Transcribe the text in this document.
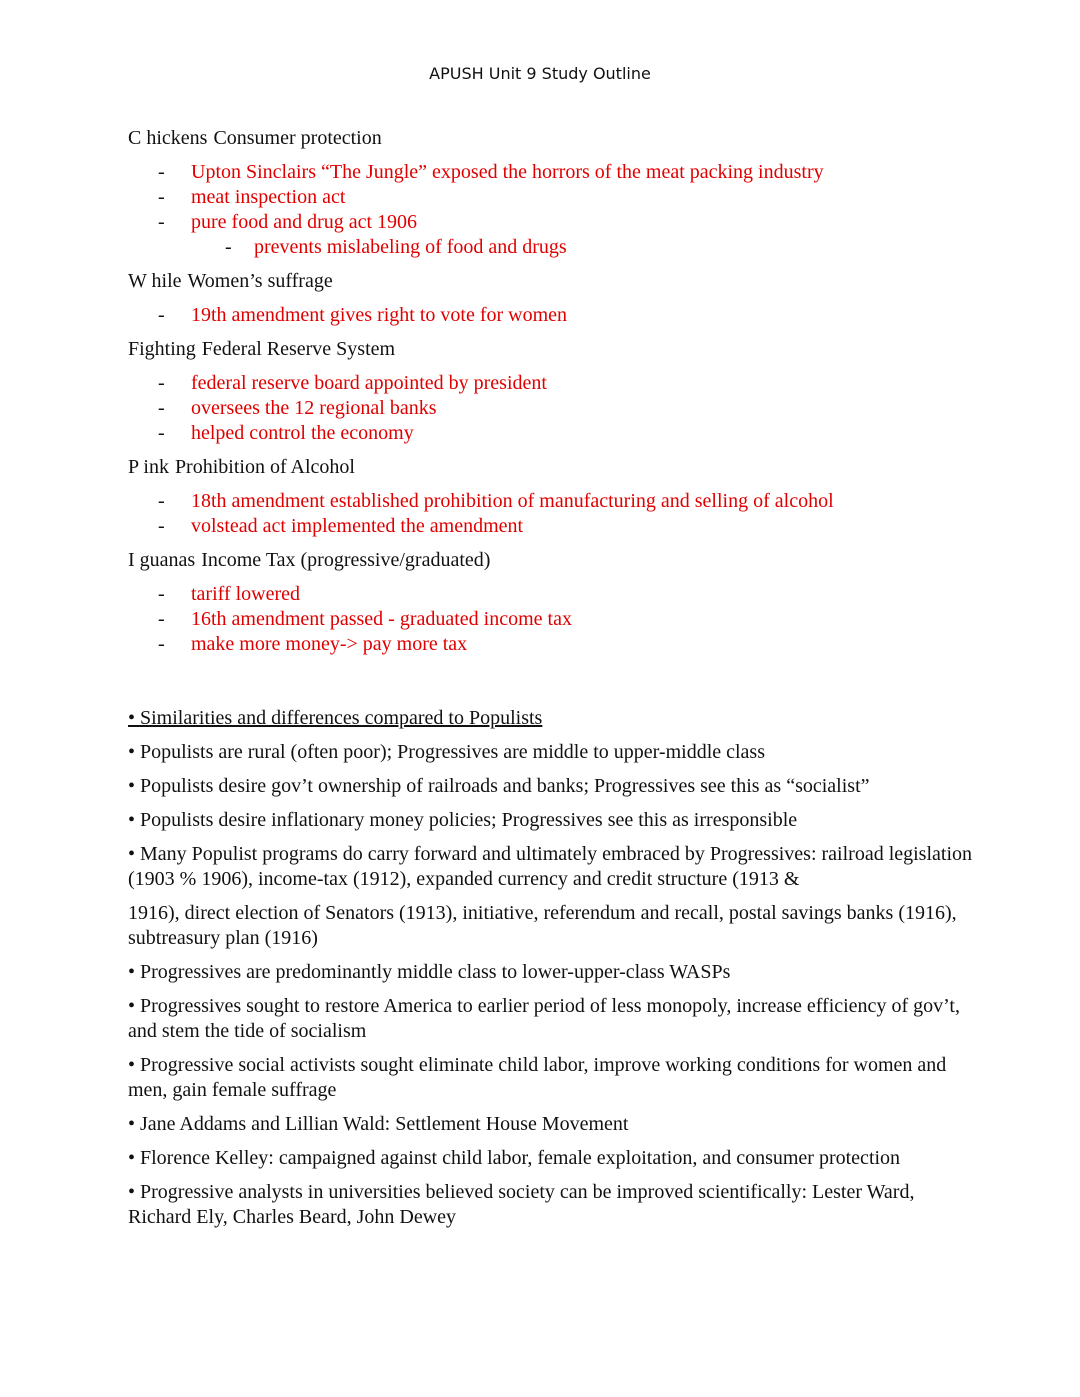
APUSH Unit 9 Study Outline
C hickens Consumer protection
- Upton Sinclairs “The Jungle” exposed the horrors of the meat packing industry
- meat inspection act
- pure food and drug act 1906
- prevents mislabeling of food and drugs
W hile Women’s suffrage
- 19th amendment gives right to vote for women
Fighting Federal Reserve System
- federal reserve board appointed by president
- oversees the 12 regional banks
- helped control the economy
P ink Prohibition of Alcohol
- 18th amendment established prohibition of manufacturing and selling of alcohol
- volstead act implemented the amendment
I guanas Income Tax (progressive/graduated)
- tariff lowered
- 16th amendment passed - graduated income tax
- make more money-> pay more tax
• Similarities and differences compared to Populists
• Populists are rural (often poor); Progressives are middle to upper-middle class
• Populists desire gov’t ownership of railroads and banks; Progressives see this as “socialist”
• Populists desire inflationary money policies; Progressives see this as irresponsible
• Many Populist programs do carry forward and ultimately embraced by Progressives: railroad legislation (1903 % 1906), income-tax (1912), expanded currency and credit structure (1913 &
1916), direct election of Senators (1913), initiative, referendum and recall, postal savings banks (1916), subtreasury plan (1916)
• Progressives are predominantly middle class to lower-upper-class WASPs
• Progressives sought to restore America to earlier period of less monopoly, increase efficiency of gov’t, and stem the tide of socialism
• Progressive social activists sought eliminate child labor, improve working conditions for women and men, gain female suffrage
• Jane Addams and Lillian Wald: Settlement House Movement
• Florence Kelley: campaigned against child labor, female exploitation, and consumer protection
• Progressive analysts in universities believed society can be improved scientifically: Lester Ward, Richard Ely, Charles Beard, John Dewey
